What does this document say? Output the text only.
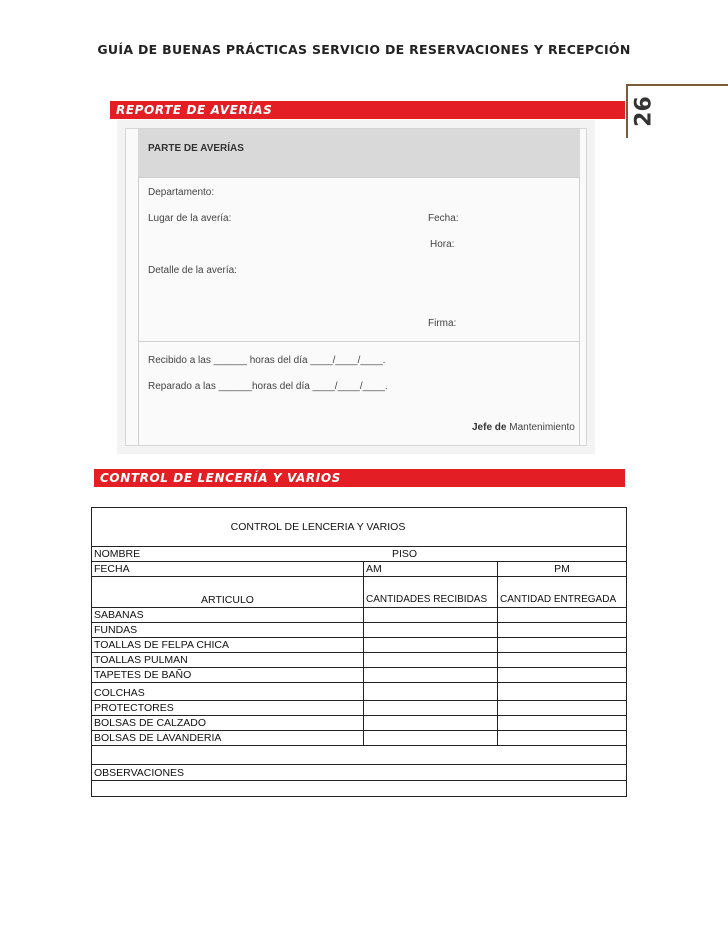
GUÍA DE BUENAS PRÁCTICAS SERVICIO DE RESERVACIONES Y RECEPCIÓN
26
REPORTE DE AVERÍAS
PARTE DE AVERÍAS
Departamento:
Lugar de la avería:	Fecha:
Hora:
Detalle de la avería:
Firma:
Recibido a las ______ horas del día ____/____/____.
Reparado a las ______horas del día ____/____/____.
Jefe de Mantenimiento
CONTROL DE LENCERÍA Y VARIOS
CONTROL DE LENCERIA Y VARIOS		
NOMBRE PISO		

FECHA	AM	PM
ARTICULO	CANTIDADES RECIBIDAS	CANTIDAD ENTREGADA
SABANAS		
FUNDAS		
TOALLAS DE FELPA CHICA		
TOALLAS PULMAN		
TAPETES DE BAÑO		
COLCHAS		
PROTECTORES		
BOLSAS DE CALZADO		
BOLSAS DE LAVANDERIA		

OBSERVACIONES		
